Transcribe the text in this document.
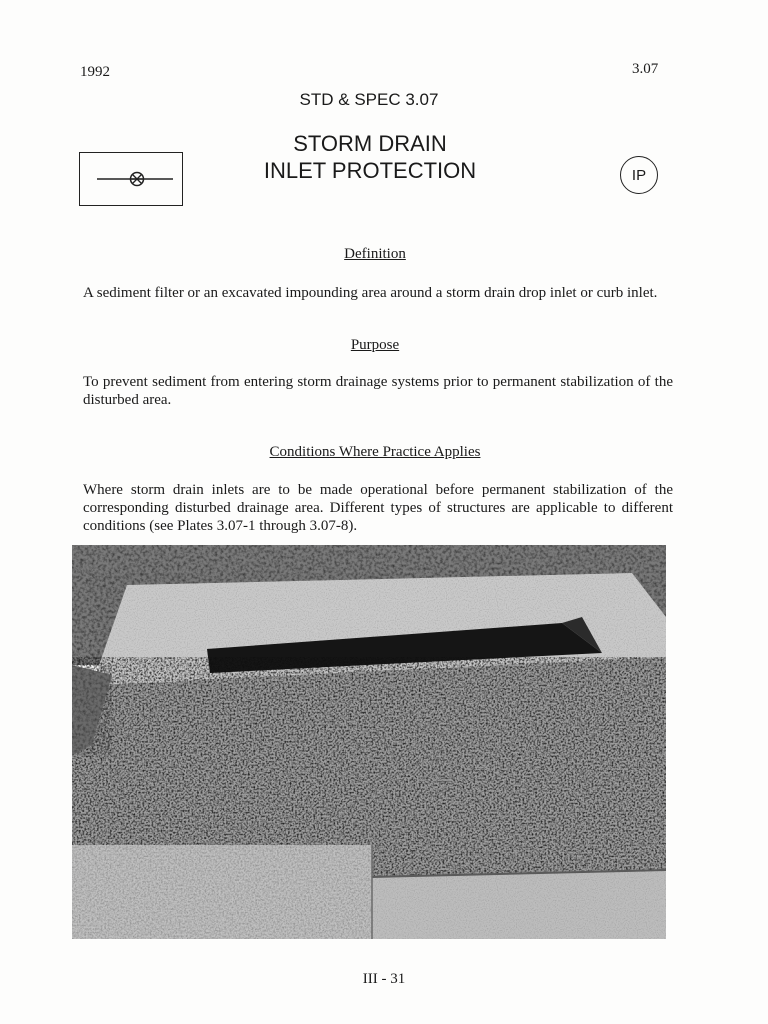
1992	3.07
STD & SPEC 3.07
STORM DRAIN
INLET PROTECTION	IP
Definition
A sediment filter or an excavated impounding area around a storm drain drop inlet or curb inlet.
Purpose
To prevent sediment from entering storm drainage systems prior to permanent stabilization of the disturbed area.
Conditions Where Practice Applies
Where storm drain inlets are to be made operational before permanent stabilization of the corresponding disturbed drainage area. Different types of structures are applicable to different conditions (see Plates 3.07-1 through 3.07-8).
III - 31
